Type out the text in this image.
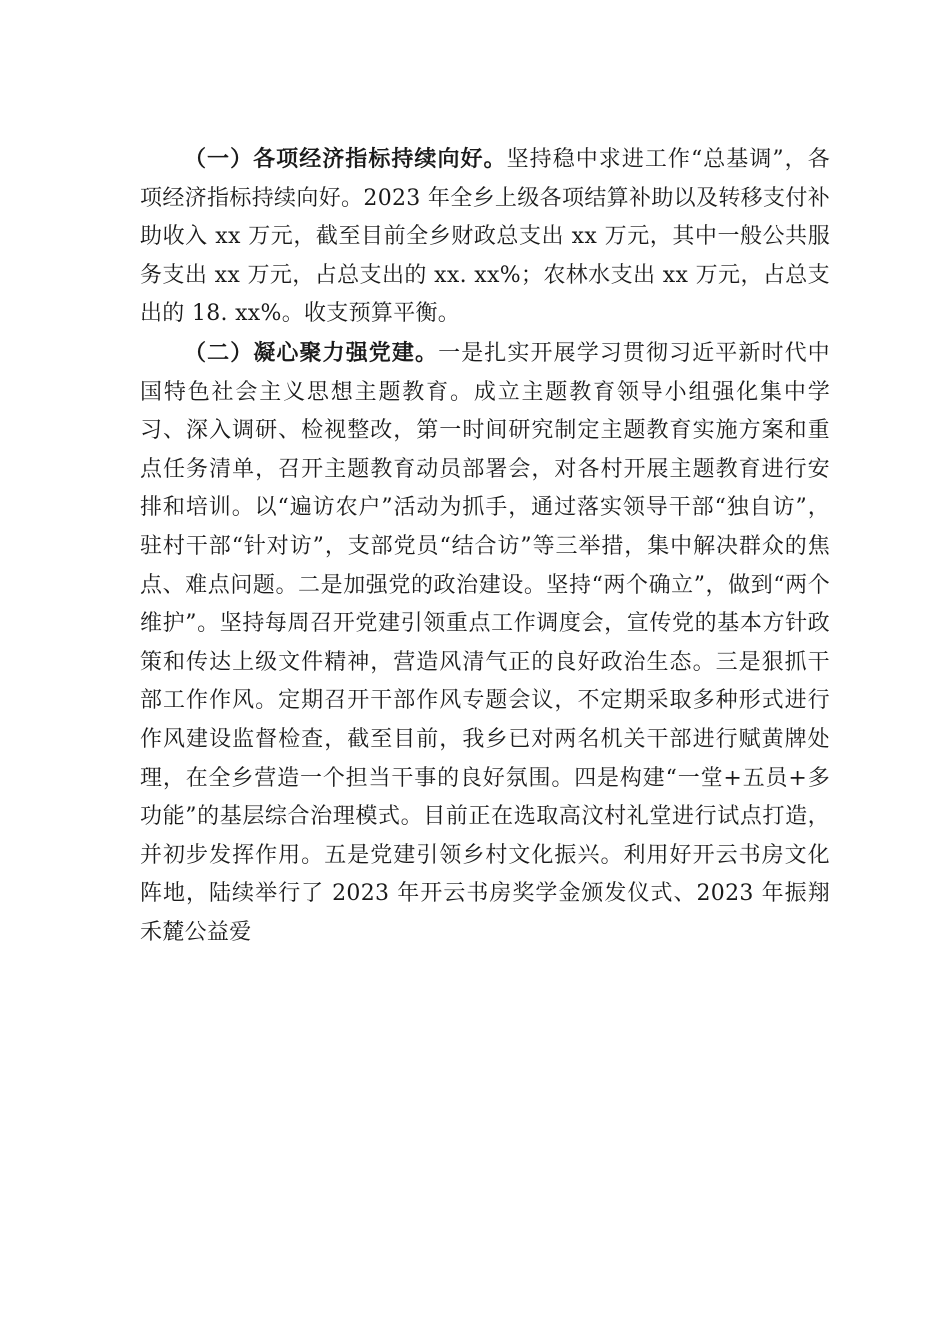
（一）各项经济指标持续向好。坚持稳中求进工作“总基调”，各项经济指标持续向好。2023 年全乡上级各项结算补助以及转移支付补助收入 xx 万元，截至目前全乡财政总支出 xx 万元，其中一般公共服务支出 xx 万元，占总支出的 xx. xx%；农林水支出 xx 万元，占总支出的 18. xx%。收支预算平衡。

（二）凝心聚力强党建。一是扎实开展学习贯彻习近平新时代中国特色社会主义思想主题教育。成立主题教育领导小组强化集中学习、深入调研、检视整改，第一时间研究制定主题教育实施方案和重点任务清单，召开主题教育动员部署会，对各村开展主题教育进行安排和培训。以“遍访农户”活动为抓手，通过落实领导干部“独自访”，驻村干部“针对访”，支部党员“结合访”等三举措，集中解决群众的焦点、难点问题。二是加强党的政治建设。坚持“两个确立”，做到“两个维护”。坚持每周召开党建引领重点工作调度会，宣传党的基本方针政策和传达上级文件精神，营造风清气正的良好政治生态。三是狠抓干部工作作风。定期召开干部作风专题会议，不定期采取多种形式进行作风建设监督检查，截至目前，我乡已对两名机关干部进行赋黄牌处理，在全乡营造一个担当干事的良好氛围。四是构建“一堂+五员+多功能”的基层综合治理模式。目前正在选取高汶村礼堂进行试点打造，并初步发挥作用。五是党建引领乡村文化振兴。利用好开云书房文化阵地，陆续举行了 2023 年开云书房奖学金颁发仪式、2023 年振翔禾麓公益爱
